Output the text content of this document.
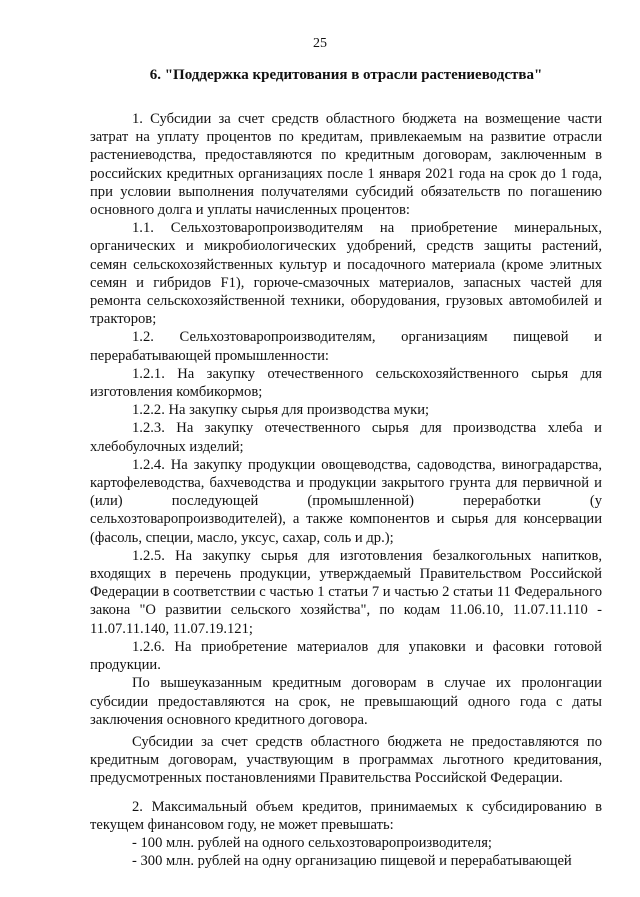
25
6. "Поддержка кредитования в отрасли растениеводства"

1. Субсидии за счет средств областного бюджета на возмещение части затрат на уплату процентов по кредитам, привлекаемым на развитие отрасли растениеводства, предоставляются по кредитным договорам, заключенным в российских кредитных организациях после 1 января 2021 года на срок до 1 года, при условии выполнения получателями субсидий обязательств по погашению основного долга и уплаты начисленных процентов:

1.1. Сельхозтоваропроизводителям на приобретение минеральных, органических и микробиологических удобрений, средств защиты растений, семян сельскохозяйственных культур и посадочного материала (кроме элитных семян и гибридов F1), горюче-смазочных материалов, запасных частей для ремонта сельскохозяйственной техники, оборудования, грузовых автомобилей и тракторов;

1.2. Сельхозтоваропроизводителям, организациям пищевой и перерабатывающей промышленности:

1.2.1. На закупку отечественного сельскохозяйственного сырья для изготовления комбикормов;

1.2.2. На закупку сырья для производства муки;

1.2.3. На закупку отечественного сырья для производства хлеба и хлебобулочных изделий;

1.2.4. На закупку продукции овощеводства, садоводства, виноградарства, картофелеводства, бахчеводства и продукции закрытого грунта для первичной и (или) последующей (промышленной) переработки (у сельхозтоваропроизводителей), а также компонентов и сырья для консервации (фасоль, специи, масло, уксус, сахар, соль и др.);

1.2.5. На закупку сырья для изготовления безалкогольных напитков, входящих в перечень продукции, утверждаемый Правительством Российской Федерации в соответствии с частью 1 статьи 7 и частью 2 статьи 11 Федерального закона "О развитии сельского хозяйства", по кодам 11.06.10, 11.07.11.110 - 11.07.11.140, 11.07.19.121;

1.2.6. На приобретение материалов для упаковки и фасовки готовой продукции.

По вышеуказанным кредитным договорам в случае их пролонгации субсидии предоставляются на срок, не превышающий одного года с даты заключения основного кредитного договора.

Субсидии за счет средств областного бюджета не предоставляются по кредитным договорам, участвующим в программах льготного кредитования, предусмотренных постановлениями Правительства Российской Федерации.

2. Максимальный объем кредитов, принимаемых к субсидированию в текущем финансовом году, не может превышать:

- 100 млн. рублей на одного сельхозтоваропроизводителя;

- 300 млн. рублей на одну организацию пищевой и перерабатывающей
